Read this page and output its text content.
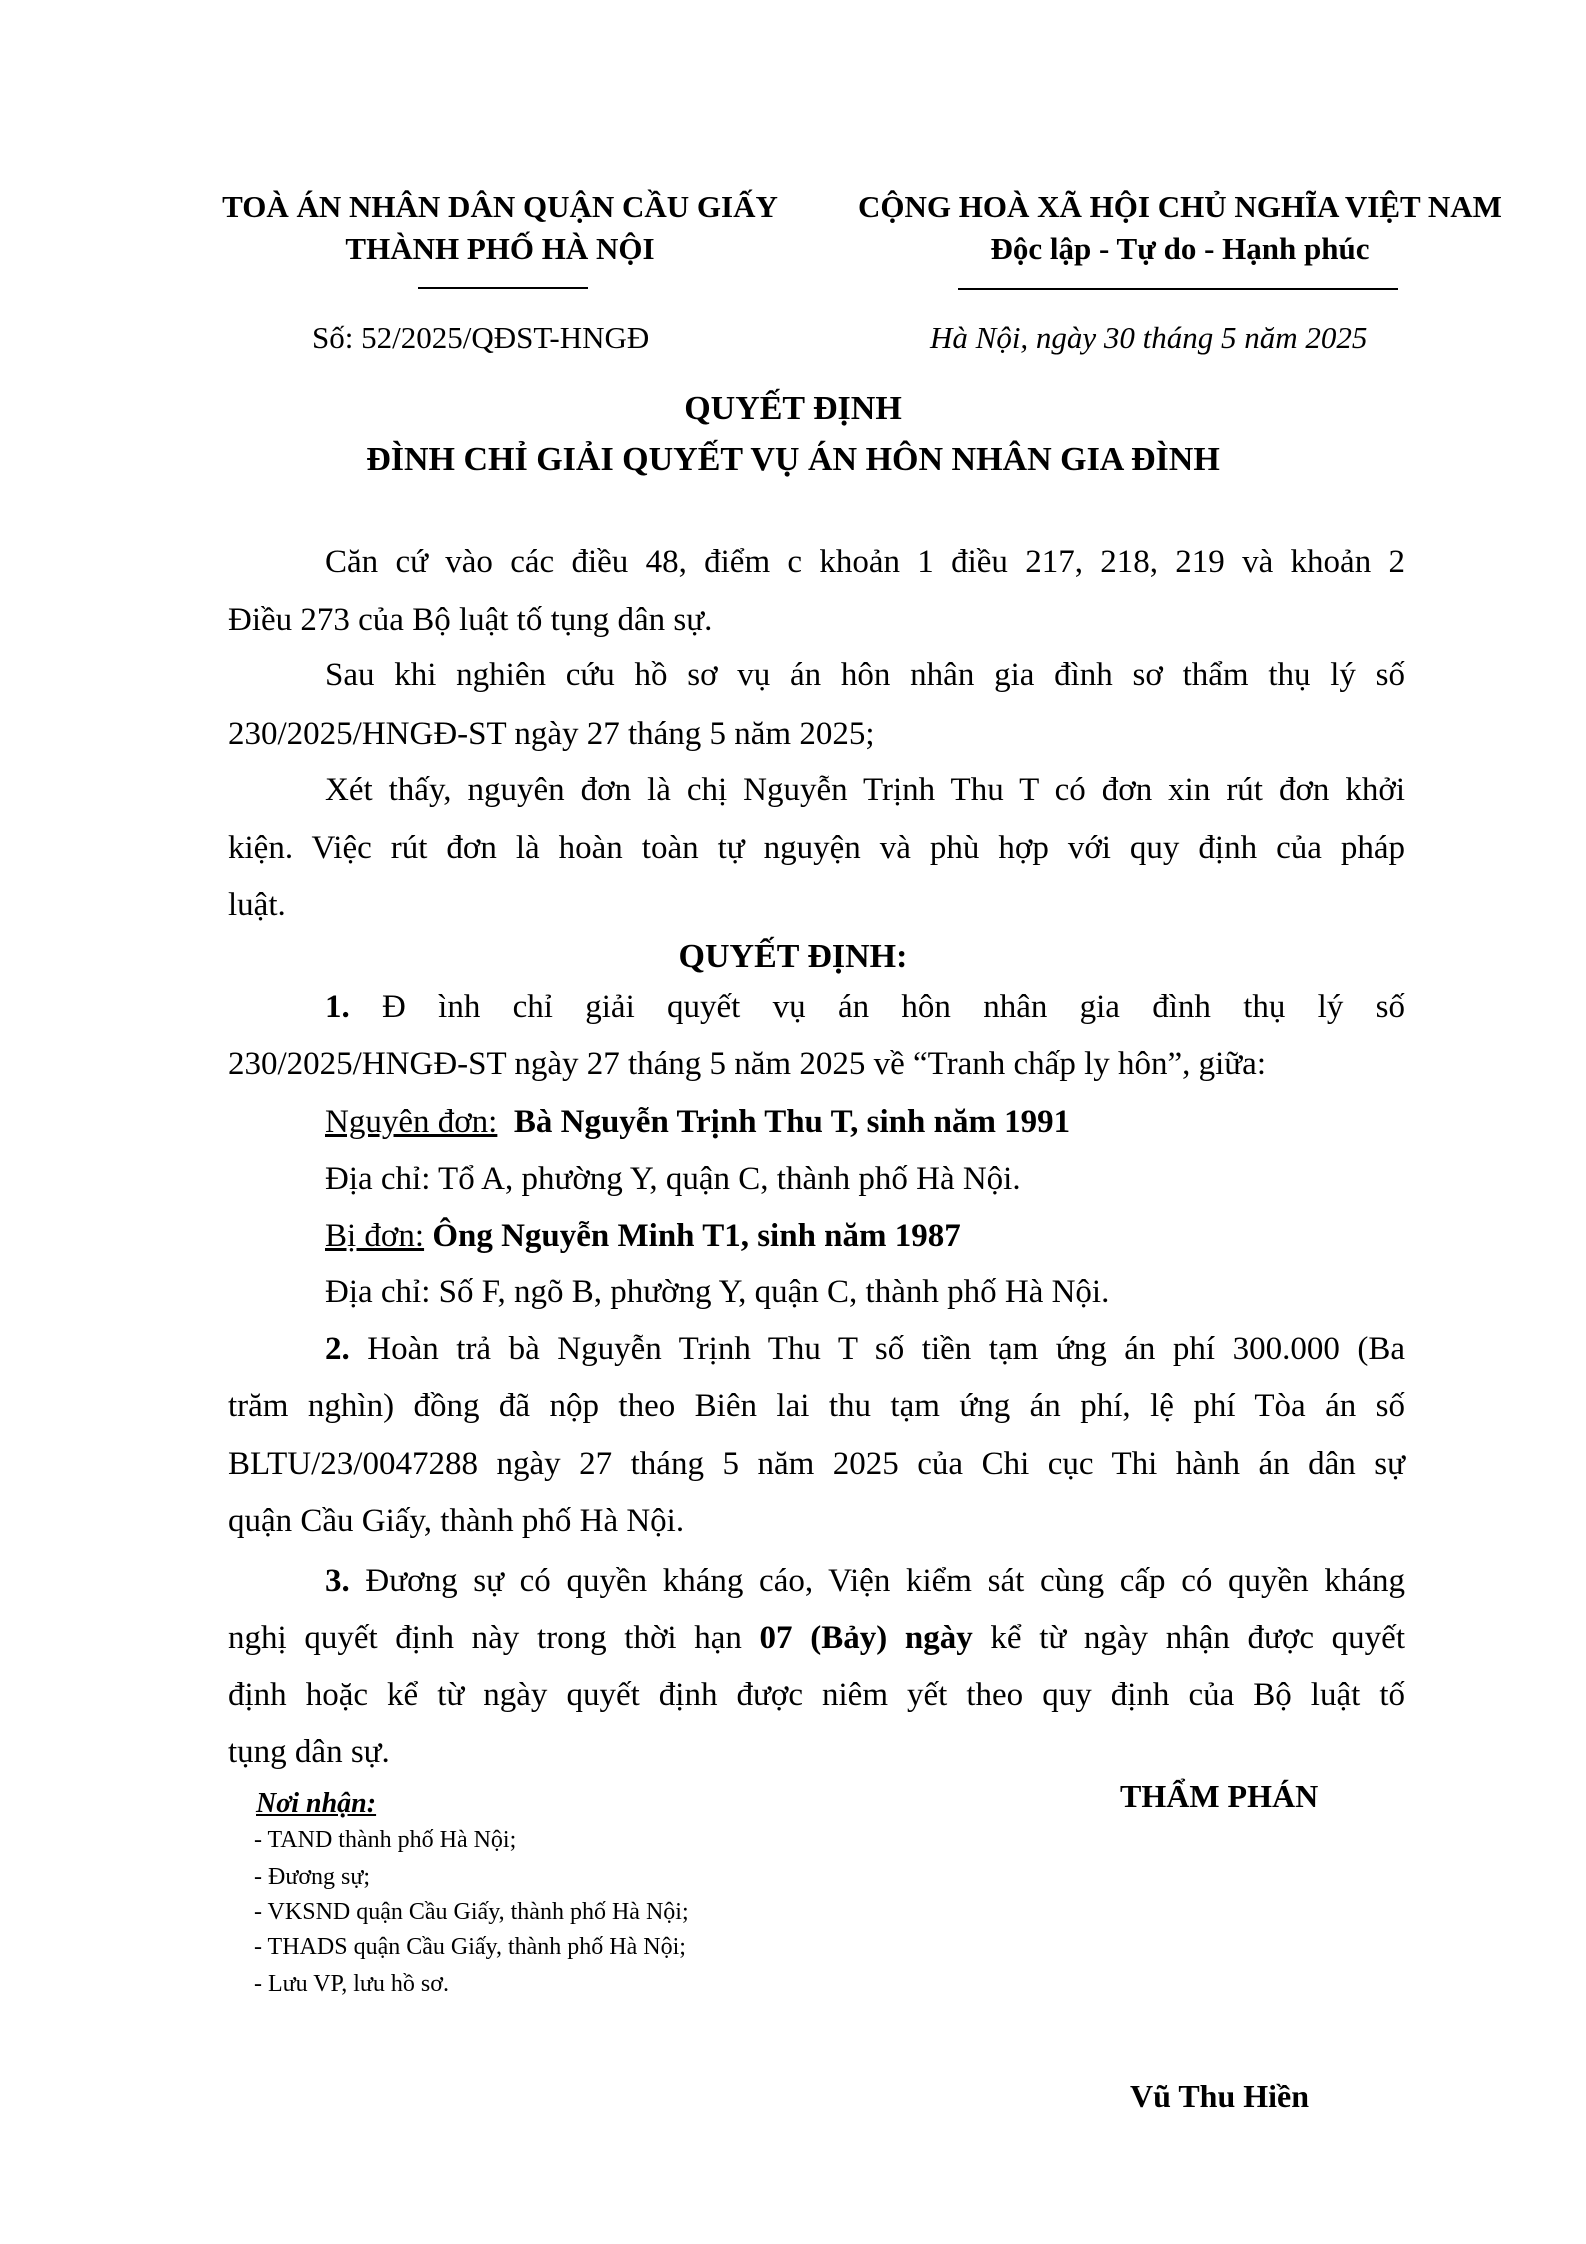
TOÀ ÁN NHÂN DÂN QUẬN CẦU GIẤY
THÀNH PHỐ HÀ NỘI
CỘNG HOÀ XÃ HỘI CHỦ NGHĨA VIỆT NAM
Độc lập - Tự do - Hạnh phúc
Số: 52/2025/QĐST-HNGĐ	Hà Nội, ngày 30 tháng 5 năm 2025
QUYẾT ĐỊNH
ĐÌNH CHỈ GIẢI QUYẾT VỤ ÁN HÔN NHÂN GIA ĐÌNH
Căn cứ vào các điều 48, điểm c khoản 1 điều 217, 218, 219 và khoản 2
Điều 273 của Bộ luật tố tụng dân sự.
Sau khi nghiên cứu hồ sơ vụ án hôn nhân gia đình sơ thẩm thụ lý số
230/2025/HNGĐ-ST ngày 27 tháng 5 năm 2025;
Xét thấy, nguyên đơn là chị Nguyễn Trịnh Thu T có đơn xin rút đơn khởi
kiện. Việc rút đơn là hoàn toàn tự nguyện và phù hợp với quy định của pháp
luật.
QUYẾT ĐỊNH:
1. Đ ình chỉ giải quyết vụ án hôn nhân gia đình thụ lý số
230/2025/HNGĐ-ST ngày 27 tháng 5 năm 2025 về “Tranh chấp ly hôn”, giữa:
Nguyên đơn: Bà Nguyễn Trịnh Thu T, sinh năm 1991
Địa chỉ: Tổ A, phường Y, quận C, thành phố Hà Nội.
Bị đơn: Ông Nguyễn Minh T1, sinh năm 1987
Địa chỉ: Số F, ngõ B, phường Y, quận C, thành phố Hà Nội.
2. Hoàn trả bà Nguyễn Trịnh Thu T số tiền tạm ứng án phí 300.000 (Ba
trăm nghìn) đồng đã nộp theo Biên lai thu tạm ứng án phí, lệ phí Tòa án số
BLTU/23/0047288 ngày 27 tháng 5 năm 2025 của Chi cục Thi hành án dân sự
quận Cầu Giấy, thành phố Hà Nội.
3. Đương sự có quyền kháng cáo, Viện kiểm sát cùng cấp có quyền kháng
nghị quyết định này trong thời hạn 07 (Bảy) ngày kể từ ngày nhận được quyết
định hoặc kể từ ngày quyết định được niêm yết theo quy định của Bộ luật tố
tụng dân sự.
Nơi nhận:
- TAND thành phố Hà Nội;
- Đương sự;
- VKSND quận Cầu Giấy, thành phố Hà Nội;
- THADS quận Cầu Giấy, thành phố Hà Nội;
- Lưu VP, lưu hồ sơ.
THẨM PHÁN
Vũ Thu Hiền
